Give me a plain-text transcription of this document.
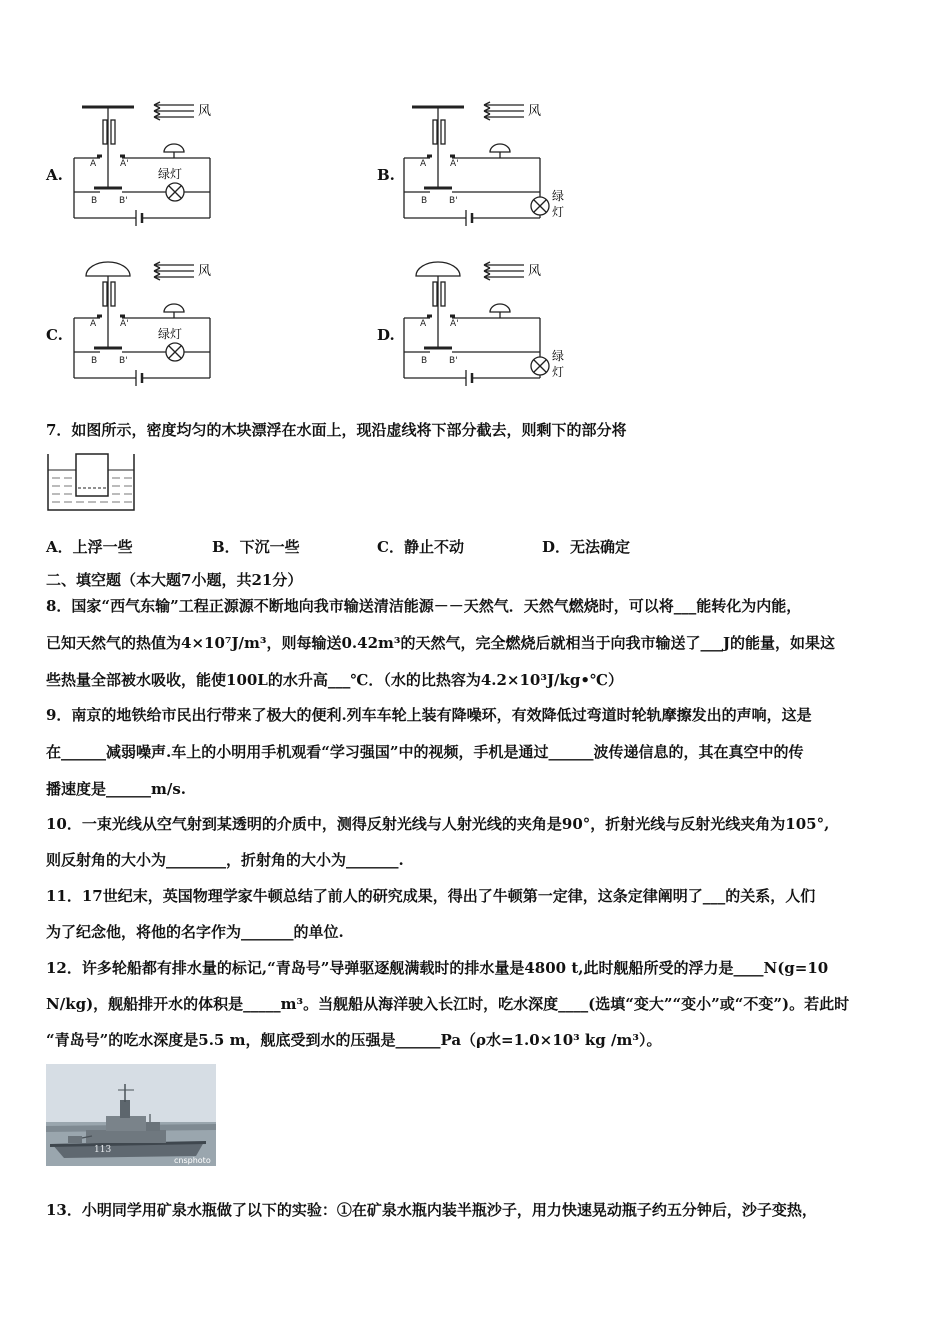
A.	B.
C.	D.
A	A'
B B'
风
绿灯
A	A'
B B'
风
绿
灯
A	A'
B B'
风
绿灯
A	A'
B B'
风
绿
灯
7．如图所示，密度均匀的木块漂浮在水面上，现沿虚线将下部分截去，则剩下的部分将
A．上浮一些	B．下沉一些	C．静止不动	D．无法确定
二、填空题（本大题7小题，共21分）
8．国家“西气东输”工程正源源不断地向我市输送清洁能源－－天然气．天然气燃烧时，可以将___能转化为内能，
已知天然气的热值为4×10⁷J/m³，则每输送0.42m³的天然气，完全燃烧后就相当于向我市输送了___J的能量，如果这
些热量全部被水吸收，能使100L的水升高___℃．（水的比热容为4.2×10³J/kg•℃）
9．南京的地铁给市民出行带来了极大的便利.列车车轮上装有降噪环，有效降低过弯道时轮轨摩擦发出的声响，这是
在______减弱噪声.车上的小明用手机观看“学习强国”中的视频，手机是通过______波传递信息的，其在真空中的传
播速度是______m/s.
10．一束光线从空气射到某透明的介质中，测得反射光线与人射光线的夹角是90°，折射光线与反射光线夹角为105°,
则反射角的大小为________，折射角的大小为_______.
11．17世纪末，英国物理学家牛顿总结了前人的研究成果，得出了牛顿第一定律，这条定律阐明了___的关系，人们
为了纪念他，将他的名字作为_______的单位.
12．许多轮船都有排水量的标记,“青岛号”导弹驱逐舰满载时的排水量是4800 t,此时舰船所受的浮力是____N(g=10
N/kg)，舰船排开水的体积是_____m³。当舰船从海洋驶入长江时，吃水深度____(选填“变大”“变小”或“不变”)。若此时
“青岛号”的吃水深度是5.5 m，舰底受到水的压强是______Pa（ρ水=1.0×10³ kg /m³）。
113
cnsphoto
13．小明同学用矿泉水瓶做了以下的实验：①在矿泉水瓶内装半瓶沙子，用力快速晃动瓶子约五分钟后，沙子变热，
